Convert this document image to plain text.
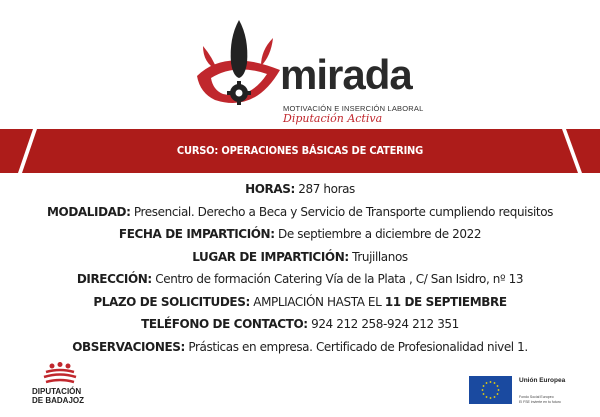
mirada
MOTIVACIÓN E INSERCIÓN LABORAL
Diputación Activa
CURSO: OPERACIONES BÁSICAS DE CATERING
HORAS: 287 horas
MODALIDAD: Presencial. Derecho a Beca y Servicio de Transporte cumpliendo requisitos
FECHA DE IMPARTICIÓN: De septiembre a diciembre de 2022
LUGAR DE IMPARTICIÓN: Trujillanos
DIRECCIÓN: Centro de formación Catering Vía de la Plata , C/ San Isidro, nº 13
PLAZO DE SOLICITUDES: AMPLIACIÓN HASTA EL 11 DE SEPTIEMBRE
TELÉFONO DE CONTACTO: 924 212 258-924 212 351
OBSERVACIONES: Prásticas en empresa. Certificado de Profesionalidad nivel 1.
DIPUTACIÓN
DE BADAJOZ
Unión Europea
Fondo Social Europeo
El FSE invierte en tu futuro
